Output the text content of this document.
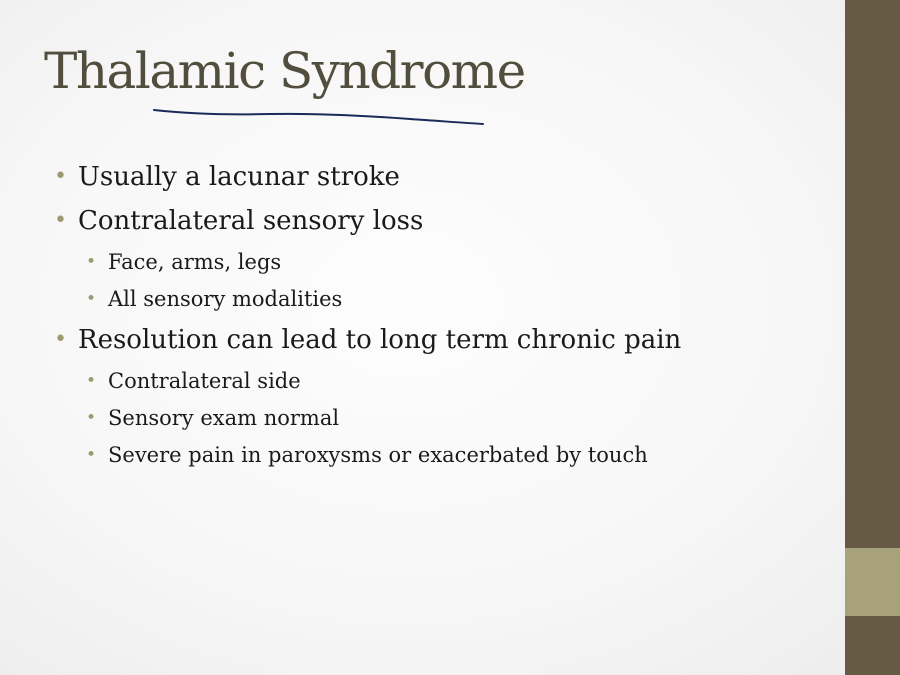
Thalamic Syndrome
• Usually a lacunar stroke
• Contralateral sensory loss
• Face, arms, legs
• All sensory modalities
• Resolution can lead to long term chronic pain
• Contralateral side
• Sensory exam normal
• Severe pain in paroxysms or exacerbated by touch
